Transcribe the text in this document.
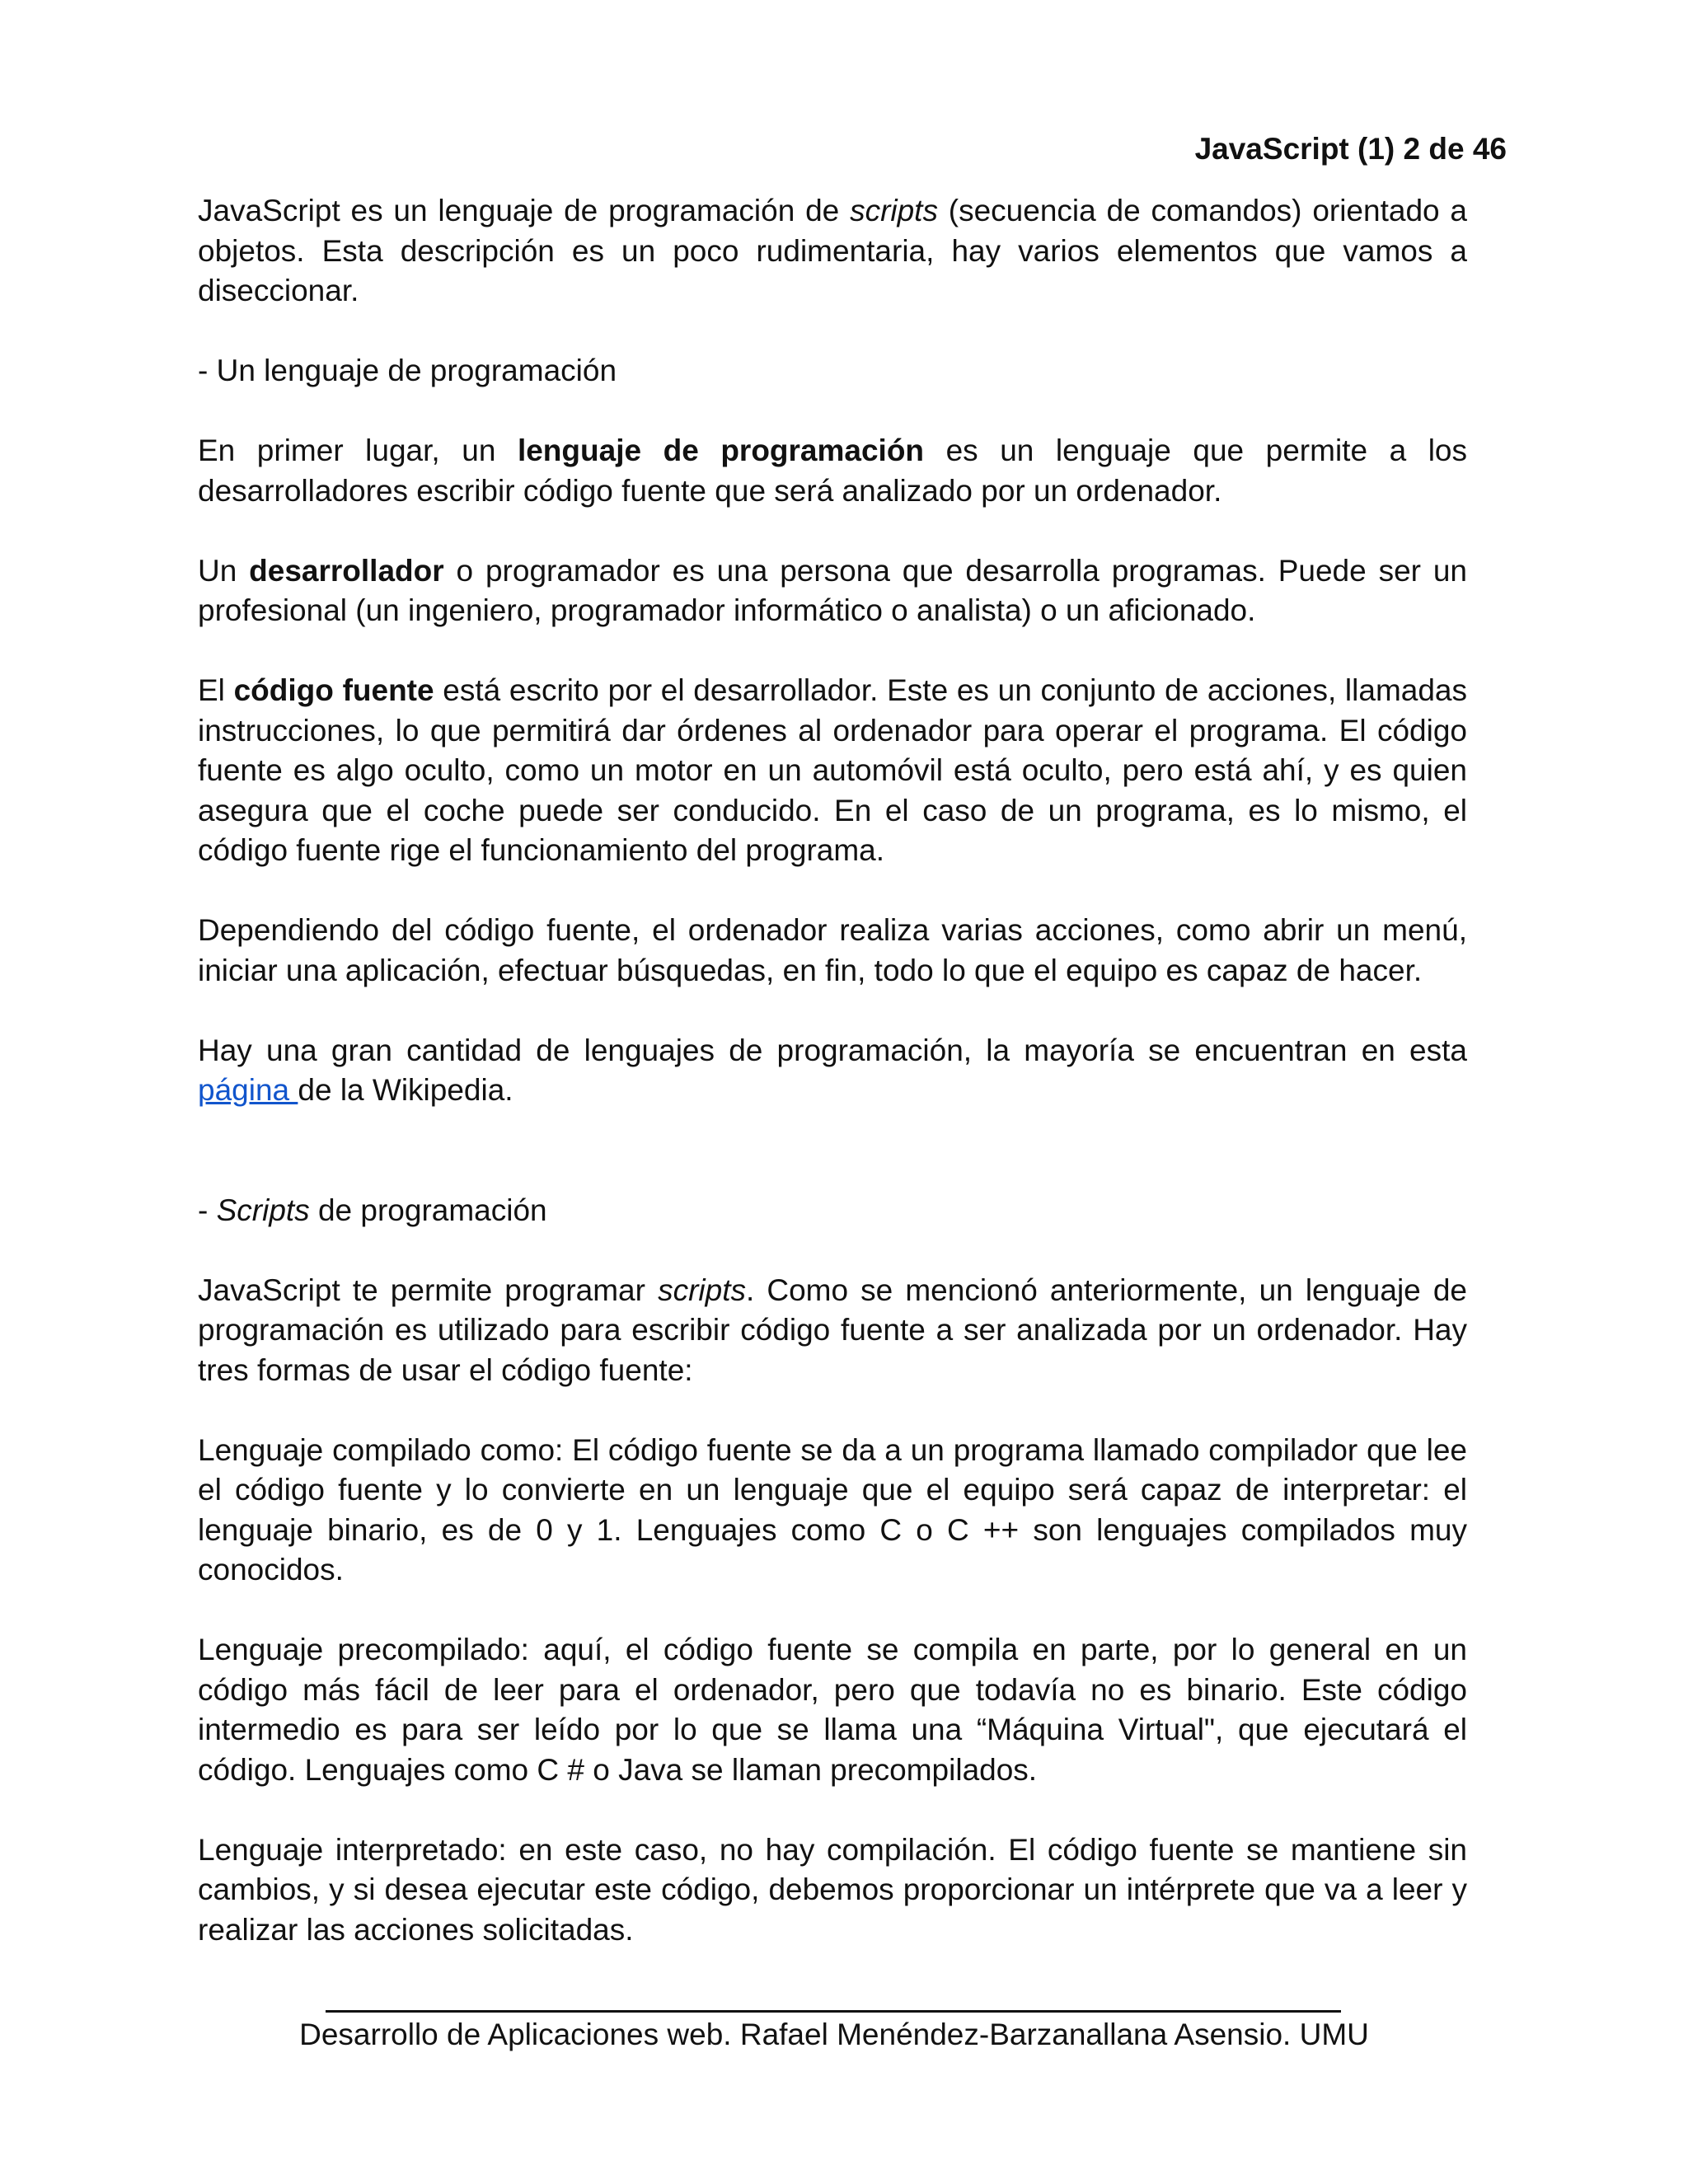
JavaScript (1) 2 de 46

JavaScript es un lenguaje de programación de scripts (secuencia de comandos) orientado a objetos. Esta descripción es un poco rudimentaria, hay varios elementos que vamos a diseccionar.

- Un lenguaje de programación

En primer lugar, un lenguaje de programación es un lenguaje que permite a los desarrolladores escribir código fuente que será analizado por un ordenador.

Un desarrollador o programador es una persona que desarrolla programas. Puede ser un profesional (un ingeniero, programador informático o analista) o un aficionado.

El código fuente está escrito por el desarrollador. Este es un conjunto de acciones, llamadas instrucciones, lo que permitirá dar órdenes al ordenador para operar el programa. El código fuente es algo oculto, como un motor en un automóvil está oculto, pero está ahí, y es quien asegura que el coche puede ser conducido. En el caso de un programa, es lo mismo, el código fuente rige el funcionamiento del programa.

Dependiendo del código fuente, el ordenador realiza varias acciones, como abrir un menú, iniciar una aplicación, efectuar búsquedas, en fin, todo lo que el equipo es capaz de hacer.

Hay una gran cantidad de lenguajes de programación, la mayoría se encuentran en esta página de la Wikipedia.

- Scripts de programación

JavaScript te permite programar scripts. Como se mencionó anteriormente, un lenguaje de programación es utilizado para escribir código fuente a ser analizada por un ordenador. Hay tres formas de usar el código fuente:

Lenguaje compilado como: El código fuente se da a un programa llamado compilador que lee el código fuente y lo convierte en un lenguaje que el equipo será capaz de interpretar: el lenguaje binario, es de 0 y 1. Lenguajes como C o C ++ son lenguajes compilados muy conocidos.

Lenguaje precompilado: aquí, el código fuente se compila en parte, por lo general en un código más fácil de leer para el ordenador, pero que todavía no es binario. Este código intermedio es para ser leído por lo que se llama una “Máquina Virtual", que ejecutará el código. Lenguajes como C # o Java se llaman precompilados.

Lenguaje interpretado: en este caso, no hay compilación. El código fuente se mantiene sin cambios, y si desea ejecutar este código, debemos proporcionar un intérprete que va a leer y realizar las acciones solicitadas.

Desarrollo de Aplicaciones web. Rafael Menéndez-Barzanallana Asensio. UMU
